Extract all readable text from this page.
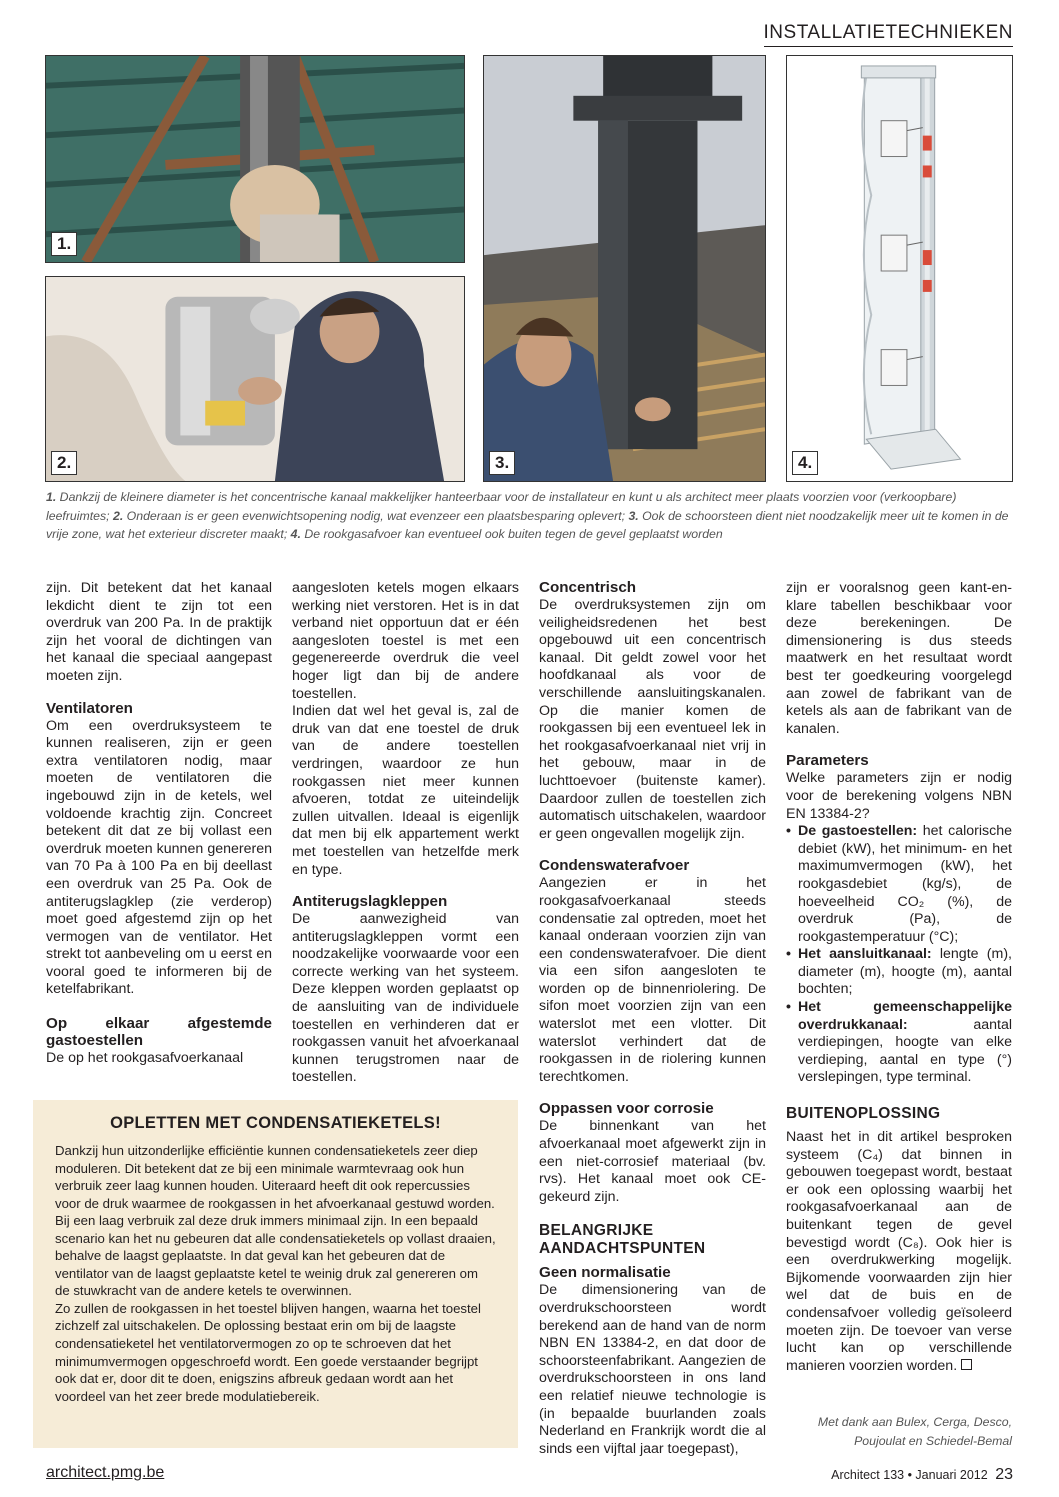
INSTALLATIETECHNIEKEN
1.
2.	3.	4.
1. Dankzij de kleinere diameter is het concentrische kanaal makkelijker hanteerbaar voor de installateur en kunt u als architect meer plaats voorzien voor (verkoopbare) leefruimtes; 2. Onderaan is er geen evenwichtsopening nodig, wat evenzeer een plaatsbesparing oplevert; 3. Ook de schoorsteen dient niet noodzakelijk meer uit te komen in de vrije zone, wat het exterieur discreter maakt; 4. De rookgasafvoer kan eventueel ook buiten tegen de gevel geplaatst worden

zijn. Dit betekent dat het kanaal lekdicht dient te zijn tot een overdruk van 200 Pa. In de praktijk zijn het vooral de dichtingen van het kanaal die speciaal aangepast moeten zijn.

Ventilatoren

Om een overdruksysteem te kunnen realiseren, zijn er geen extra ventilatoren nodig, maar moeten de ventilatoren die ingebouwd zijn in de ketels, wel voldoende krachtig zijn. Concreet betekent dit dat ze bij vollast een overdruk moeten kunnen genereren van 70 Pa à 100 Pa en bij deellast een overdruk van 25 Pa. Ook de antiterugslagklep (zie verderop) moet goed afgestemd zijn op het vermogen van de ventilator. Het strekt tot aanbeveling om u eerst en vooral goed te informeren bij de ketelfabrikant.

Op elkaar afgestemde gastoestellen

De op het rookgasafvoerkanaal

aangesloten ketels mogen elkaars werking niet verstoren. Het is in dat verband niet opportuun dat er één aangesloten toestel is met een gegenereerde overdruk die veel hoger ligt dan bij de andere toestellen.

Indien dat wel het geval is, zal de druk van dat ene toestel de druk van de andere toestellen verdringen, waardoor ze hun rookgassen niet meer kunnen afvoeren, totdat ze uiteindelijk zullen uitvallen. Ideaal is eigenlijk dat men bij elk appartement werkt met toestellen van hetzelfde merk en type.

Antiterugslagkleppen

De aanwezigheid van antiterugslagkleppen vormt een noodzakelijke voorwaarde voor een correcte werking van het systeem. Deze kleppen worden geplaatst op de aansluiting van de individuele toestellen en verhinderen dat er rookgassen vanuit het afvoerkanaal kunnen terugstromen naar de toestellen.

Concentrisch

De overdruksystemen zijn om veiligheidsredenen het best opgebouwd uit een concentrisch kanaal. Dit geldt zowel voor het hoofdkanaal als voor de verschillende aansluitingskanalen. Op die manier komen de rookgassen bij een eventueel lek in het rookgasafvoerkanaal niet vrij in het gebouw, maar in de luchttoevoer (buitenste kamer). Daardoor zullen de toestellen zich automatisch uitschakelen, waardoor er geen ongevallen mogelijk zijn.

Condenswaterafvoer

Aangezien er in het rookgasafvoerkanaal steeds condensatie zal optreden, moet het kanaal onderaan voorzien zijn van een condenswaterafvoer. Die dient via een sifon aangesloten te worden op de binnenriolering. De sifon moet voorzien zijn van een waterslot met een vlotter. Dit waterslot verhindert dat de rookgassen in de riolering kunnen terechtkomen.

Oppassen voor corrosie

De binnenkant van het afvoerkanaal moet afgewerkt zijn in een niet-corrosief materiaal (bv. rvs). Het kanaal moet ook CE-gekeurd zijn.

BELANGRIJKE AANDACHTSPUNTEN
Geen normalisatie

De dimensionering van de overdrukschoorsteen wordt berekend aan de hand van de norm NBN EN 13384-2, en dat door de schoorsteenfabrikant. Aangezien de overdrukschoorsteen in ons land een relatief nieuwe technologie is (in bepaalde buurlanden zoals Nederland en Frankrijk wordt die al sinds een vijftal jaar toegepast),

zijn er vooralsnog geen kant-en-klare tabellen beschikbaar voor deze berekeningen. De dimensionering is dus steeds maatwerk en het resultaat wordt best ter goedkeuring voorgelegd aan zowel de fabrikant van de ketels als aan de fabrikant van de kanalen.

Parameters

Welke parameters zijn er nodig voor de berekening volgens NBN EN 13384-2?

• De gastoestellen: het calorische debiet (kW), het minimum- en het maximumvermogen (kW), het rookgasdebiet (kg/s), de hoeveelheid CO₂ (%), de overdruk (Pa), de rookgastemperatuur (°C);
• Het aansluitkanaal: lengte (m), diameter (m), hoogte (m), aantal bochten;
• Het gemeenschappelijke overdrukkanaal: aantal verdiepingen, hoogte van elke verdieping, aantal en type (°) verslepingen, type terminal.
BUITENOPLOSSING

Naast het in dit artikel besproken systeem (C₄) dat binnen in gebouwen toegepast wordt, bestaat er ook een oplossing waarbij het rookgasafvoerkanaal aan de buitenkant tegen de gevel bevestigd wordt (C₈). Ook hier is een overdrukwerking mogelijk. Bijkomende voorwaarden zijn hier wel dat de buis en de condensafvoer volledig geïsoleerd moeten zijn. De toevoer van verse lucht kan op verschillende manieren voorzien worden.

Met dank aan Bulex, Cerga, Desco, Poujoulat en Schiedel-Bemal
OPLETTEN MET CONDENSATIEKETELS!
Dankzij hun uitzonderlijke efficiëntie kunnen condensatieketels zeer diep moduleren. Dit betekent dat ze bij een minimale warmtevraag ook hun verbruik zeer laag kunnen houden. Uiteraard heeft dit ook repercussies voor de druk waarmee de rookgassen in het afvoerkanaal gestuwd worden. Bij een laag verbruik zal deze druk immers minimaal zijn. In een bepaald scenario kan het nu gebeuren dat alle condensatieketels op vollast draaien, behalve de laagst geplaatste. In dat geval kan het gebeuren dat de ventilator van de laagst geplaatste ketel te weinig druk zal genereren om de stuwkracht van de andere ketels te overwinnen.
Zo zullen de rookgassen in het toestel blijven hangen, waarna het toestel zichzelf zal uitschakelen. De oplossing bestaat erin om bij de laagste condensatieketel het ventilatorvermogen zo op te schroeven dat het minimumvermogen opgeschroefd wordt. Een goede verstaander begrijpt ook dat er, door dit te doen, enigszins afbreuk gedaan wordt aan het voordeel van het zeer brede modulatiebereik.
architect.pmg.be	Architect 133 • Januari 2012 23
